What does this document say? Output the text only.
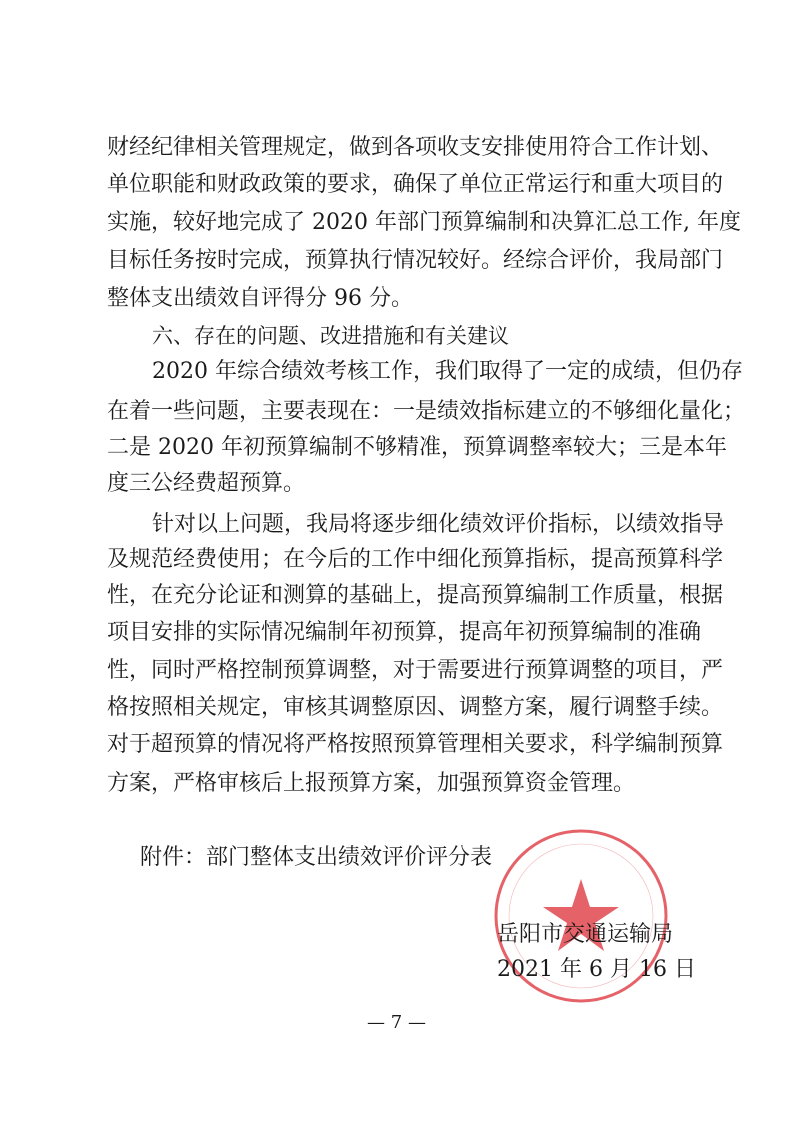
财经纪律相关管理规定，做到各项收支安排使用符合工作计划、
单位职能和财政政策的要求，确保了单位正常运行和重大项目的
实施，较好地完成了 2020 年部门预算编制和决算汇总工作, 年度
目标任务按时完成，预算执行情况较好。经综合评价，我局部门
整体支出绩效自评得分 96 分。
六、存在的问题、改进措施和有关建议
2020 年综合绩效考核工作，我们取得了一定的成绩，但仍存
在着一些问题，主要表现在：一是绩效指标建立的不够细化量化；
二是 2020 年初预算编制不够精准，预算调整率较大；三是本年
度三公经费超预算。
针对以上问题，我局将逐步细化绩效评价指标，以绩效指导
及规范经费使用；在今后的工作中细化预算指标，提高预算科学
性，在充分论证和测算的基础上，提高预算编制工作质量，根据
项目安排的实际情况编制年初预算，提高年初预算编制的准确
性，同时严格控制预算调整，对于需要进行预算调整的项目，严
格按照相关规定，审核其调整原因、调整方案，履行调整手续。
对于超预算的情况将严格按照预算管理相关要求，科学编制预算
方案，严格审核后上报预算方案，加强预算资金管理。
附件：部门整体支出绩效评价评分表
岳阳市交通运输局
2021 年 6 月 16 日
— 7 —
